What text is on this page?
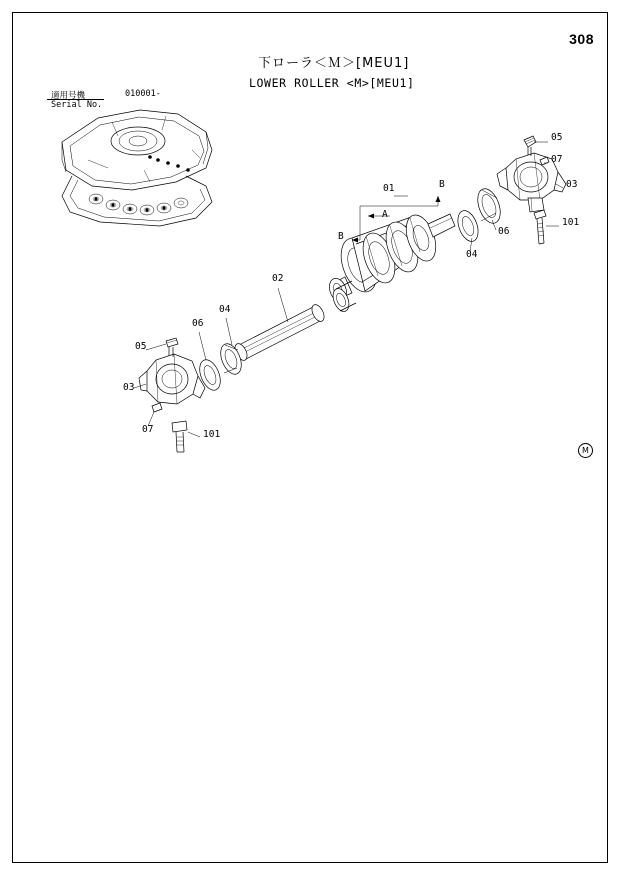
308
下ローラ＜Ｍ＞[MEU1]
LOWER ROLLER <M>[MEU1]
適用号機
Serial No.
010001-
01	B
A
B
05
07
03
101
06
04
02
04
06
05
03
07	101
M
